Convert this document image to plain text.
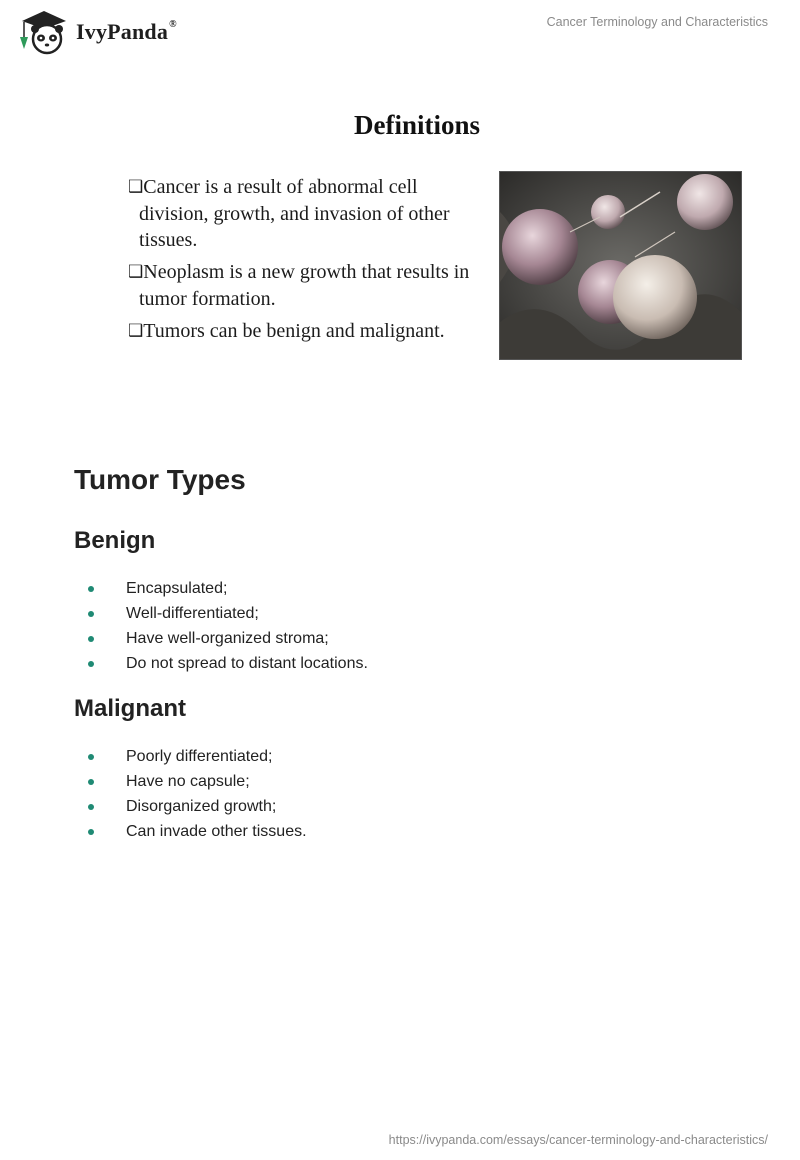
IvyPanda®	Cancer Terminology and Characteristics
Definitions
❑Cancer is a result of abnormal cell division, growth, and invasion of other tissues.
❑Neoplasm is a new growth that results in tumor formation.
❑Tumors can be benign and malignant.
Tumor Types
Benign
Encapsulated;
Well-differentiated;
Have well-organized stroma;
Do not spread to distant locations.
Malignant
Poorly differentiated;
Have no capsule;
Disorganized growth;
Can invade other tissues.
https://ivypanda.com/essays/cancer-terminology-and-characteristics/
